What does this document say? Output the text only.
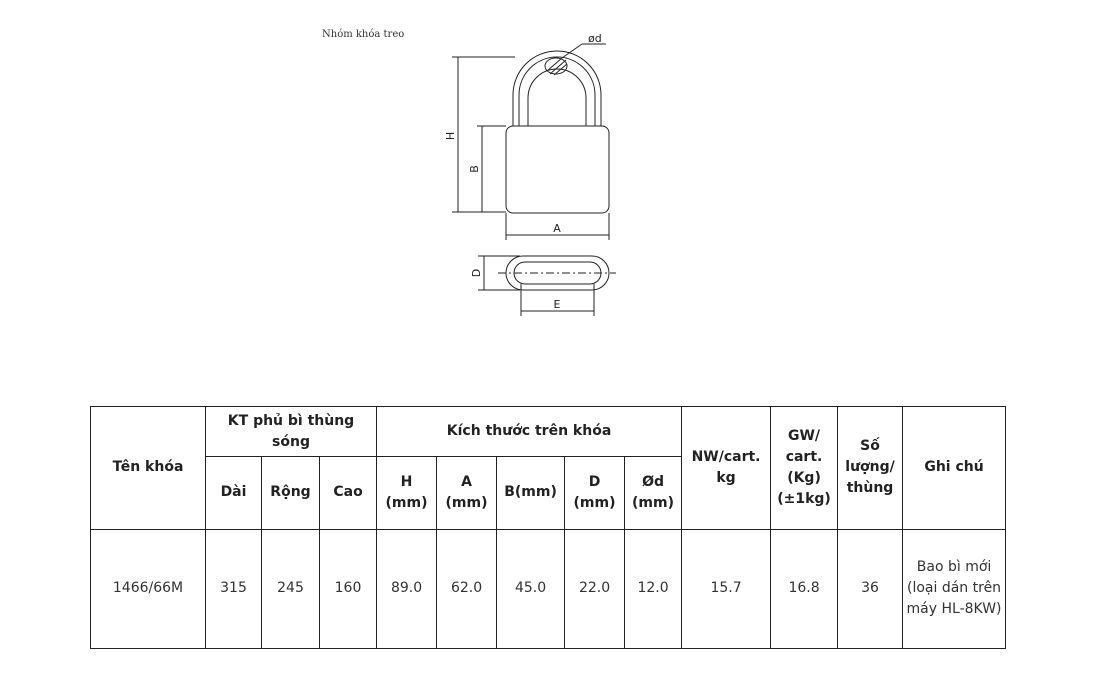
Nhóm khóa treo	ød
H
B
A
D
E
Tên khóa	KT phủ bì thùng sóng			Kích thước trên khóa					NW/cart. kg	GW/ cart. (Kg) (±1kg)	Số lượng/ thùng	Ghi chú
	Dài	Rộng	Cao	H (mm)	A (mm)	B(mm)	D (mm)	Ød (mm)				
1466/66M	315	245	160	89.0	62.0	45.0	22.0	12.0	15.7	16.8	36	Bao bì mới (loại dán trên máy HL-8KW)
